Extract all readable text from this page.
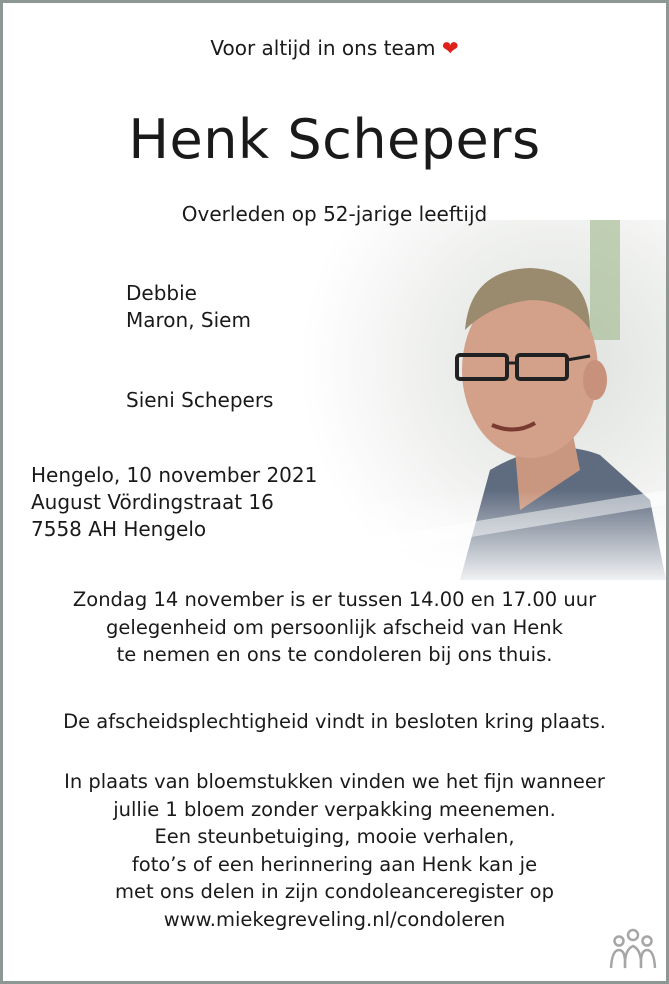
Voor altijd in ons team ❤
Henk Schepers
Overleden op 52-jarige leeftijd
Debbie
Maron, Siem
Sieni Schepers
Hengelo, 10 november 2021
August Vördingstraat 16
7558 AH Hengelo
Zondag 14 november is er tussen 14.00 en 17.00 uur
gelegenheid om persoonlijk afscheid van Henk
te nemen en ons te condoleren bij ons thuis.
De afscheidsplechtigheid vindt in besloten kring plaats.
In plaats van bloemstukken vinden we het fijn wanneer
jullie 1 bloem zonder verpakking meenemen.
Een steunbetuiging, mooie verhalen,
foto’s of een herinnering aan Henk kan je
met ons delen in zijn condoleanceregister op
www.miekegreveling.nl/condoleren
